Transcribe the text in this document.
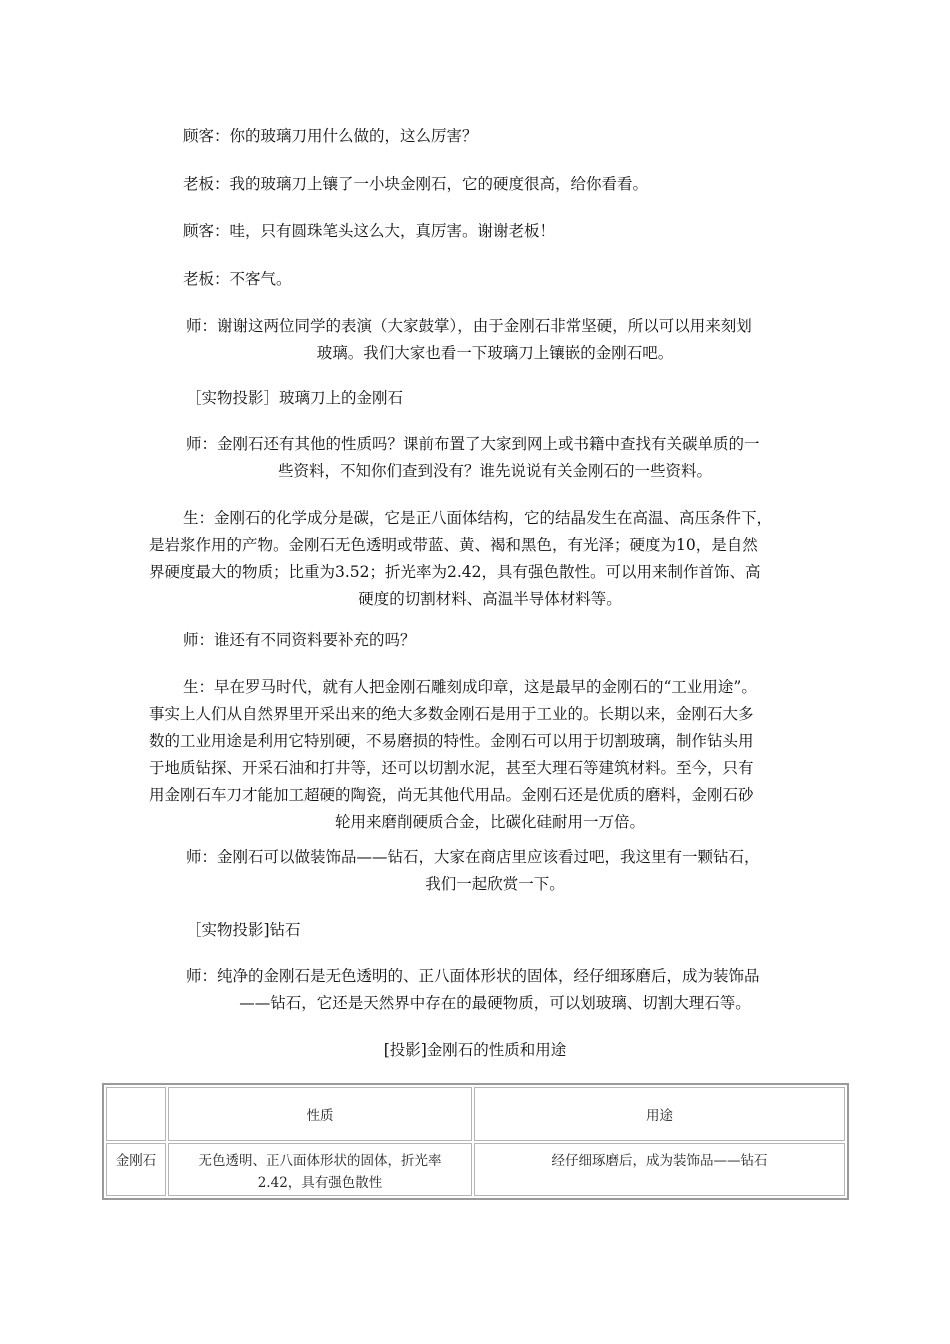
顾客：你的玻璃刀用什么做的，这么厉害？

老板：我的玻璃刀上镶了一小块金刚石，它的硬度很高，给你看看。

顾客：哇，只有圆珠笔头这么大，真厉害。谢谢老板！

老板：不客气。

师：谢谢这两位同学的表演（大家鼓掌），由于金刚石非常坚硬，所以可以用来刻划
玻璃。我们大家也看一下玻璃刀上镶嵌的金刚石吧。

［实物投影］玻璃刀上的金刚石

师：金刚石还有其他的性质吗？课前布置了大家到网上或书籍中查找有关碳单质的一
些资料，不知你们查到没有？谁先说说有关金刚石的一些资料。
生：金刚石的化学成分是碳，它是正八面体结构，它的结晶发生在高温、高压条件下，
是岩浆作用的产物。金刚石无色透明或带蓝、黄、褐和黑色，有光泽；硬度为10，是自然
界硬度最大的物质；比重为3.52；折光率为2.42，具有强色散性。可以用来制作首饰、高
硬度的切割材料、高温半导体材料等。

师：谁还有不同资料要补充的吗？

生：早在罗马时代，就有人把金刚石雕刻成印章，这是最早的金刚石的“工业用途”。
事实上人们从自然界里开采出来的绝大多数金刚石是用于工业的。长期以来，金刚石大多
数的工业用途是利用它特别硬，不易磨损的特性。金刚石可以用于切割玻璃，制作钻头用
于地质钻探、开采石油和打井等，还可以切割水泥，甚至大理石等建筑材料。至今，只有
用金刚石车刀才能加工超硬的陶瓷，尚无其他代用品。金刚石还是优质的磨料，金刚石砂
轮用来磨削硬质合金，比碳化硅耐用一万倍。
师：金刚石可以做装饰品——钻石，大家在商店里应该看过吧，我这里有一颗钻石，
我们一起欣赏一下。

［实物投影]钻石

师：纯净的金刚石是无色透明的、正八面体形状的固体，经仔细琢磨后，成为装饰品
——钻石，它还是天然界中存在的最硬物质，可以划玻璃、切割大理石等。
[投影]金刚石的性质和用途
	性质	用途
金刚石	无色透明、正八面体形状的固体，折光率
2.42，具有强色散性	经仔细琢磨后，成为装饰品——钻石
